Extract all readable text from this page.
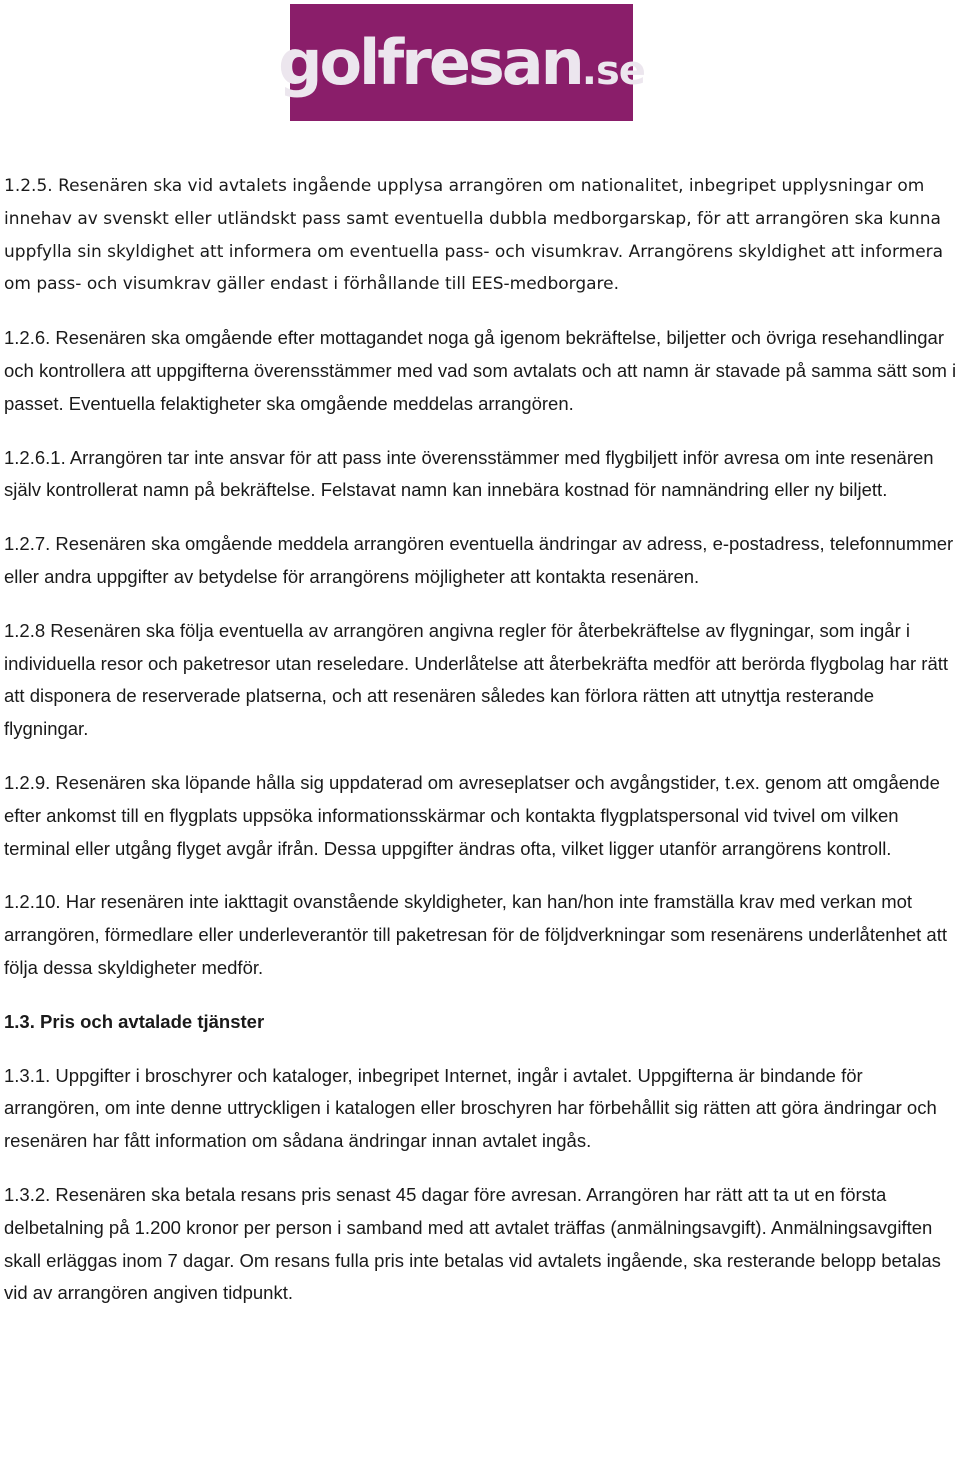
golfresan.se

1.2.5. Resenären ska vid avtalets ingående upplysa arrangören om nationalitet, inbegripet upplysningar om innehav av svenskt eller utländskt pass samt eventuella dubbla medborgarskap, för att arrangören ska kunna uppfylla sin skyldighet att informera om eventuella pass- och visumkrav. Arrangörens skyldighet att informera om pass- och visumkrav gäller endast i förhållande till EES-medborgare.

1.2.6. Resenären ska omgående efter mottagandet noga gå igenom bekräftelse, biljetter och övriga resehandlingar och kontrollera att uppgifterna överensstämmer med vad som avtalats och att namn är stavade på samma sätt som i passet. Eventuella felaktigheter ska omgående meddelas arrangören.

1.2.6.1. Arrangören tar inte ansvar för att pass inte överensstämmer med flygbiljett inför avresa om inte resenären själv kontrollerat namn på bekräftelse. Felstavat namn kan innebära kostnad för namnändring eller ny biljett.

1.2.7. Resenären ska omgående meddela arrangören eventuella ändringar av adress, e-postadress, telefonnummer eller andra uppgifter av betydelse för arrangörens möjligheter att kontakta resenären.

1.2.8 Resenären ska följa eventuella av arrangören angivna regler för återbekräftelse av flygningar, som ingår i individuella resor och paketresor utan reseledare. Underlåtelse att återbekräfta medför att berörda flygbolag har rätt att disponera de reserverade platserna, och att resenären således kan förlora rätten att utnyttja resterande flygningar.

1.2.9. Resenären ska löpande hålla sig uppdaterad om avreseplatser och avgångstider, t.ex. genom att omgående efter ankomst till en flygplats uppsöka informationsskärmar och kontakta flygplatspersonal vid tvivel om vilken terminal eller utgång flyget avgår ifrån. Dessa uppgifter ändras ofta, vilket ligger utanför arrangörens kontroll.

1.2.10. Har resenären inte iakttagit ovanstående skyldigheter, kan han/hon inte framställa krav med verkan mot arrangören, förmedlare eller underleverantör till paketresan för de följdverkningar som resenärens underlåtenhet att följa dessa skyldigheter medför.

1.3. Pris och avtalade tjänster

1.3.1. Uppgifter i broschyrer och kataloger, inbegripet Internet, ingår i avtalet. Uppgifterna är bindande för arrangören, om inte denne uttryckligen i katalogen eller broschyren har förbehållit sig rätten att göra ändringar och resenären har fått information om sådana ändringar innan avtalet ingås.

1.3.2. Resenären ska betala resans pris senast 45 dagar före avresan. Arrangören har rätt att ta ut en första delbetalning på 1.200 kronor per person i samband med att avtalet träffas (anmälningsavgift). Anmälningsavgiften skall erläggas inom 7 dagar. Om resans fulla pris inte betalas vid avtalets ingående, ska resterande belopp betalas vid av arrangören angiven tidpunkt.
